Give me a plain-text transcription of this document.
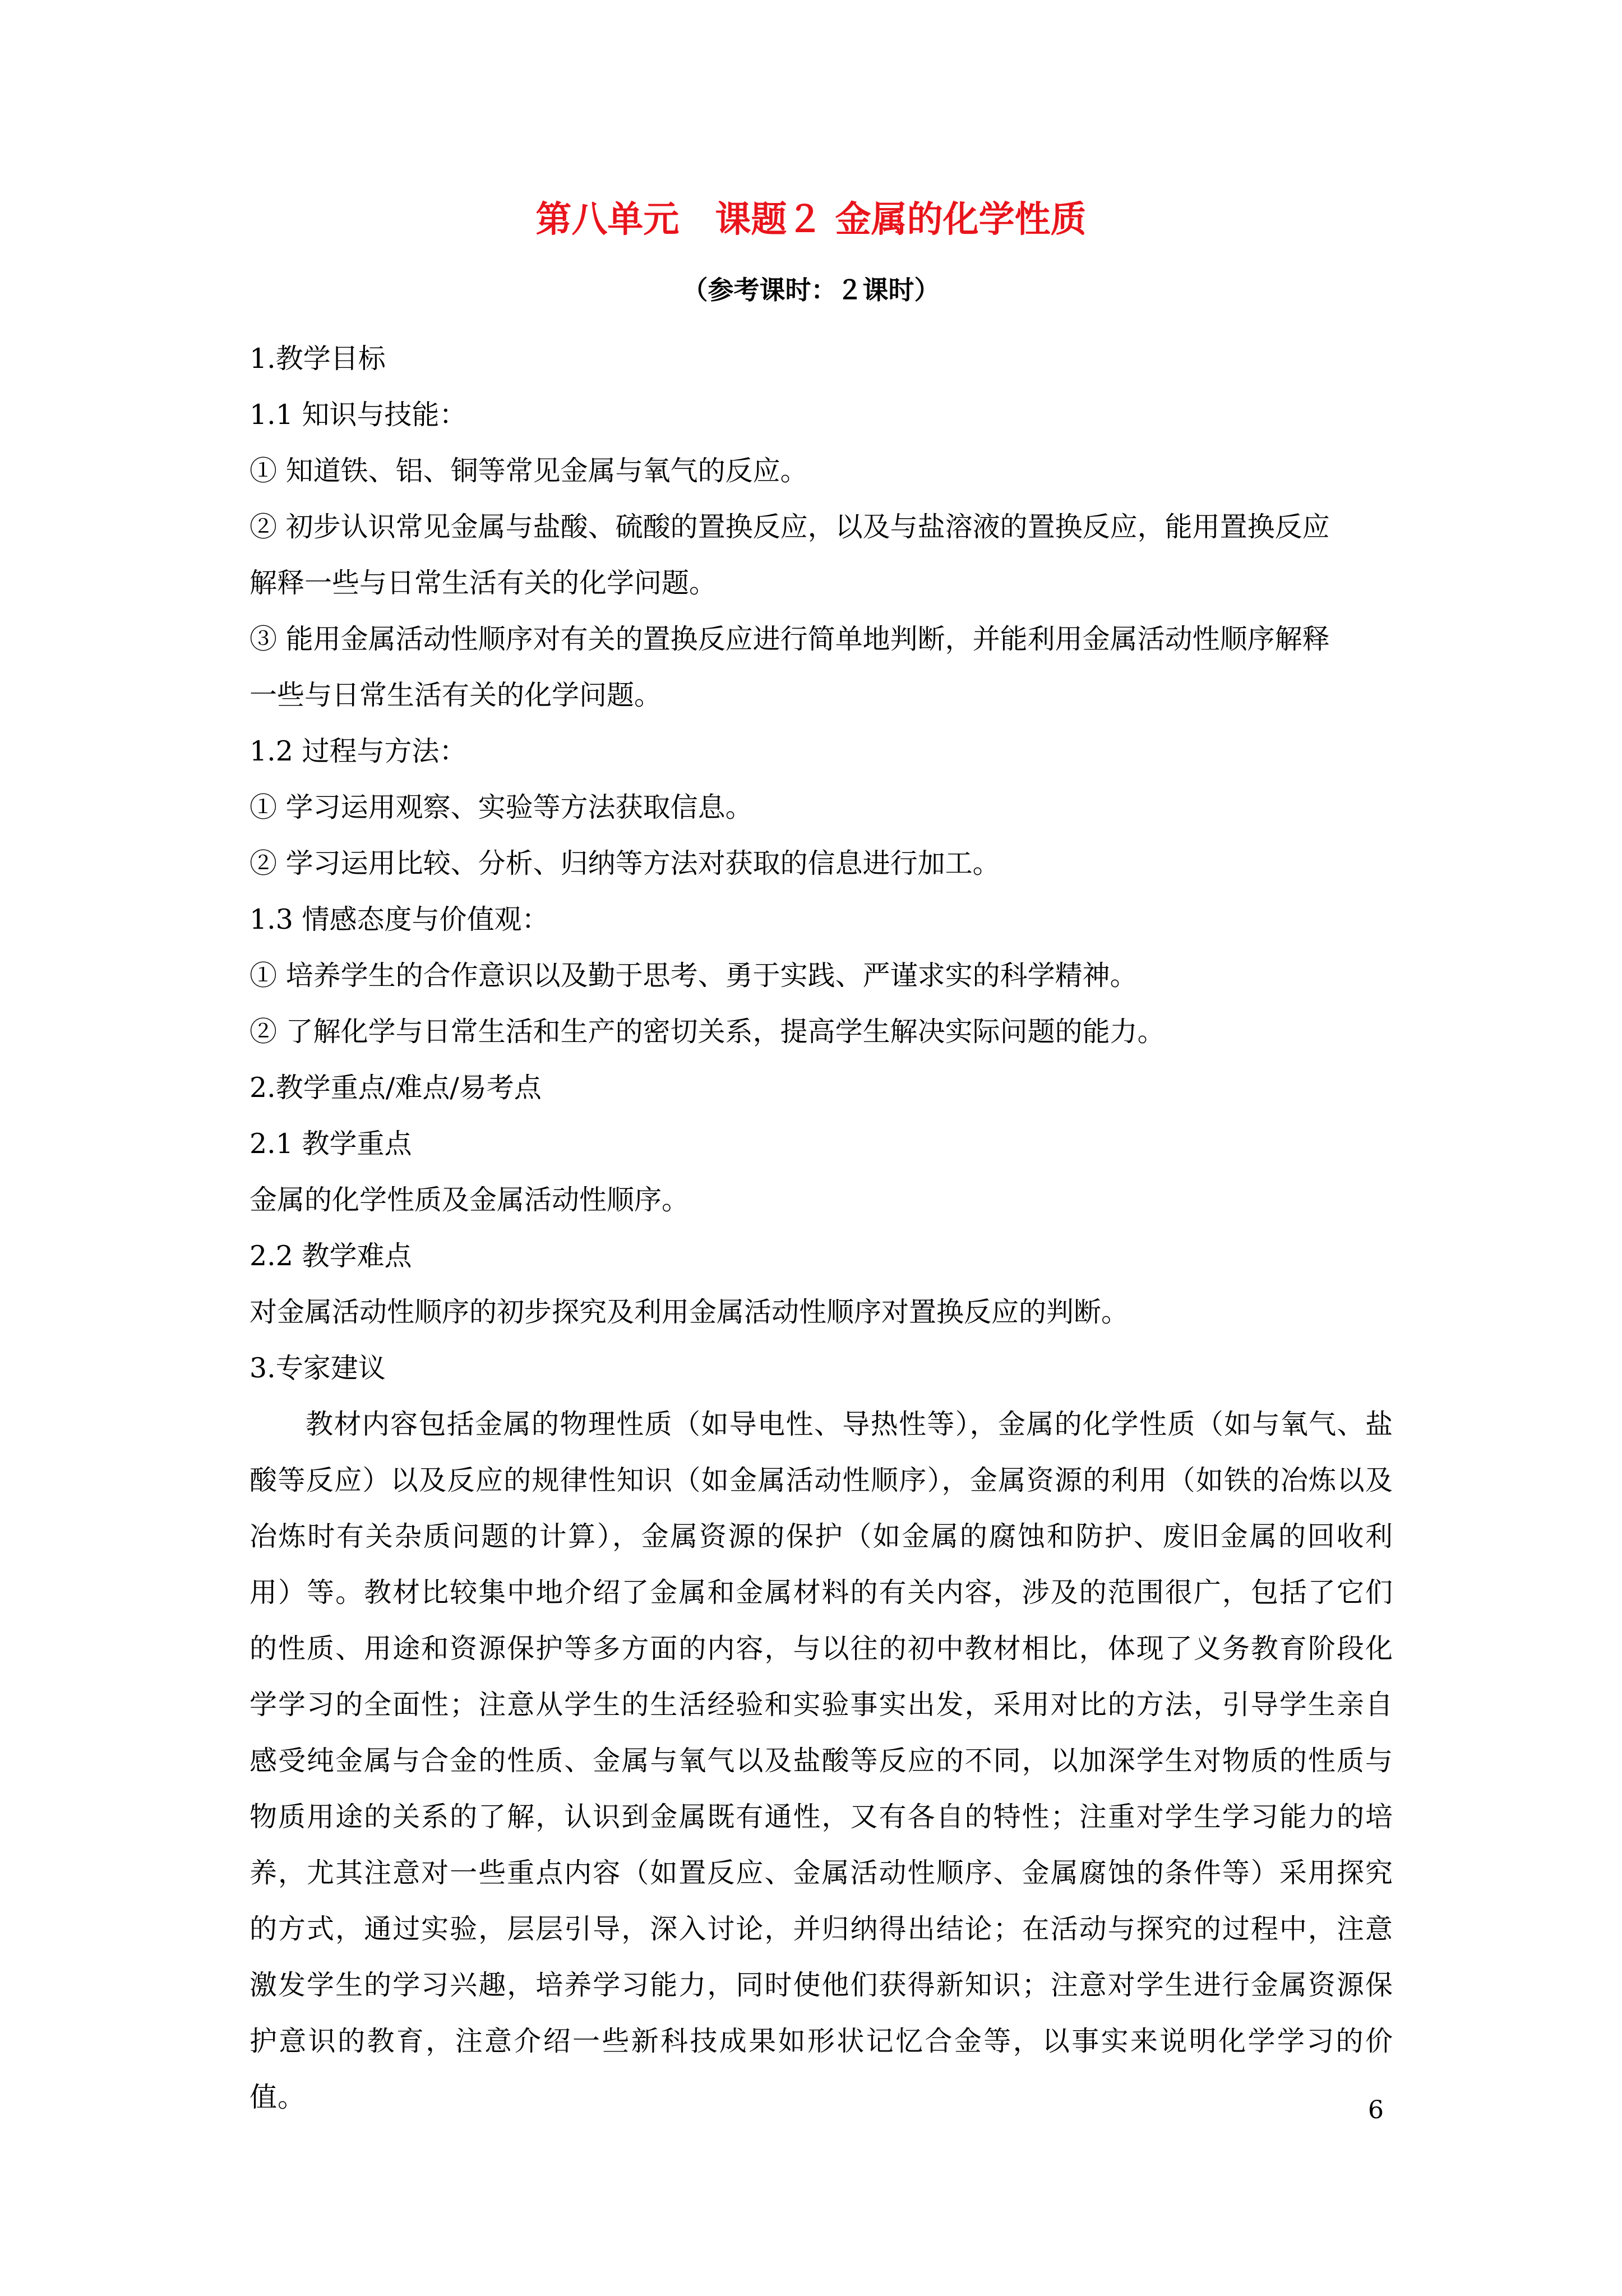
第八单元　课题２ 金属的化学性质
（参考课时：２课时）
1.教学目标
1.1 知识与技能：
① 知道铁、铝、铜等常见金属与氧气的反应。
② 初步认识常见金属与盐酸、硫酸的置换反应，以及与盐溶液的置换反应，能用置换反应
解释一些与日常生活有关的化学问题。
③ 能用金属活动性顺序对有关的置换反应进行简单地判断，并能利用金属活动性顺序解释
一些与日常生活有关的化学问题。
1.2 过程与方法：
① 学习运用观察、实验等方法获取信息。
② 学习运用比较、分析、归纳等方法对获取的信息进行加工。
1.3 情感态度与价值观：
① 培养学生的合作意识以及勤于思考、勇于实践、严谨求实的科学精神。
② 了解化学与日常生活和生产的密切关系，提高学生解决实际问题的能力。
2.教学重点/难点/易考点
2.1 教学重点
金属的化学性质及金属活动性顺序。
2.2 教学难点
对金属活动性顺序的初步探究及利用金属活动性顺序对置换反应的判断。
3.专家建议

教材内容包括金属的物理性质（如导电性、导热性等），金属的化学性质（如与氧气、盐酸等反应）以及反应的规律性知识（如金属活动性顺序），金属资源的利用（如铁的冶炼以及冶炼时有关杂质问题的计算），金属资源的保护（如金属的腐蚀和防护、废旧金属的回收利用）等。教材比较集中地介绍了金属和金属材料的有关内容，涉及的范围很广，包括了它们的性质、用途和资源保护等多方面的内容，与以往的初中教材相比，体现了义务教育阶段化学学习的全面性；注意从学生的生活经验和实验事实出发，采用对比的方法，引导学生亲自感受纯金属与合金的性质、金属与氧气以及盐酸等反应的不同，以加深学生对物质的性质与物质用途的关系的了解，认识到金属既有通性，又有各自的特性；注重对学生学习能力的培养，尤其注意对一些重点内容（如置反应、金属活动性顺序、金属腐蚀的条件等）采用探究的方式，通过实验，层层引导，深入讨论，并归纳得出结论；在活动与探究的过程中，注意激发学生的学习兴趣，培养学习能力，同时使他们获得新知识；注意对学生进行金属资源保护意识的教育，注意介绍一些新科技成果如形状记忆合金等，以事实来说明化学学习的价值。	6
